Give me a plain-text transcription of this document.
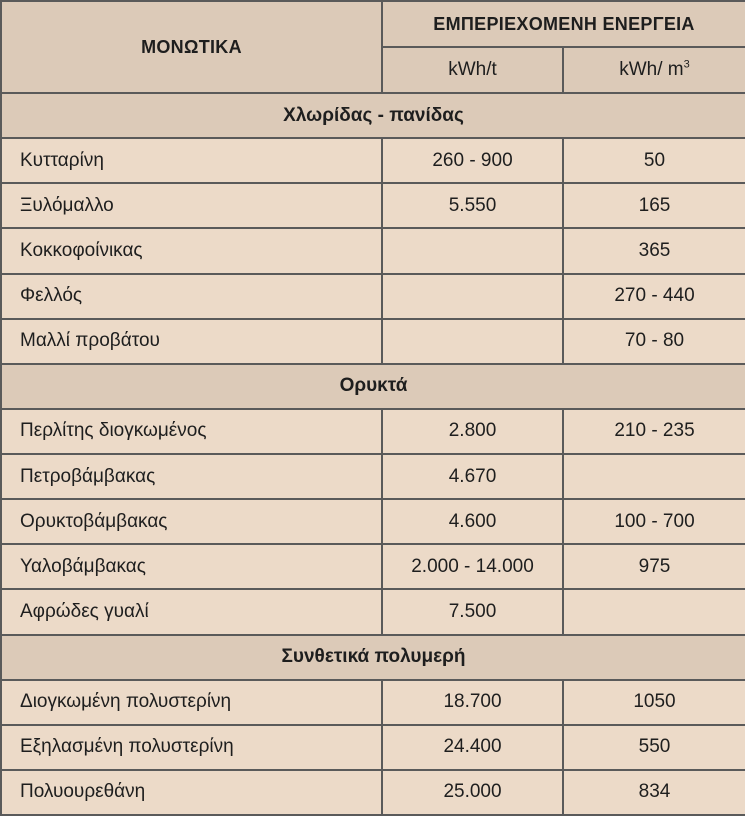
ΜΟΝΩΤΙΚΑ	ΕΜΠΕΡΙΕΧΟΜΕΝΗ ΕΝΕΡΓΕΙΑ	
	kWh/t	kWh/ $m^3$
Χλωρίδας - πανίδας		
Κυτταρίνη	260 - 900	50
Ξυλόμαλλο	5.550	165
Κοκκοφοίνικας		365
Φελλός		270 - 440
Μαλλί προβάτου		70 - 80
Ορυκτά		
Περλίτης διογκωμένος	2.800	210 - 235
Πετροβάμβακας	4.670	
Ορυκτοβάμβακας	4.600	100 - 700
Υαλοβάμβακας	2.000 - 14.000	975
Αφρώδες γυαλί	7.500	
Συνθετικά πολυμερή		
Διογκωμένη πολυστερίνη	18.700	1050
Εξηλασμένη πολυστερίνη	24.400	550
Πολυουρεθάνη	25.000	834
